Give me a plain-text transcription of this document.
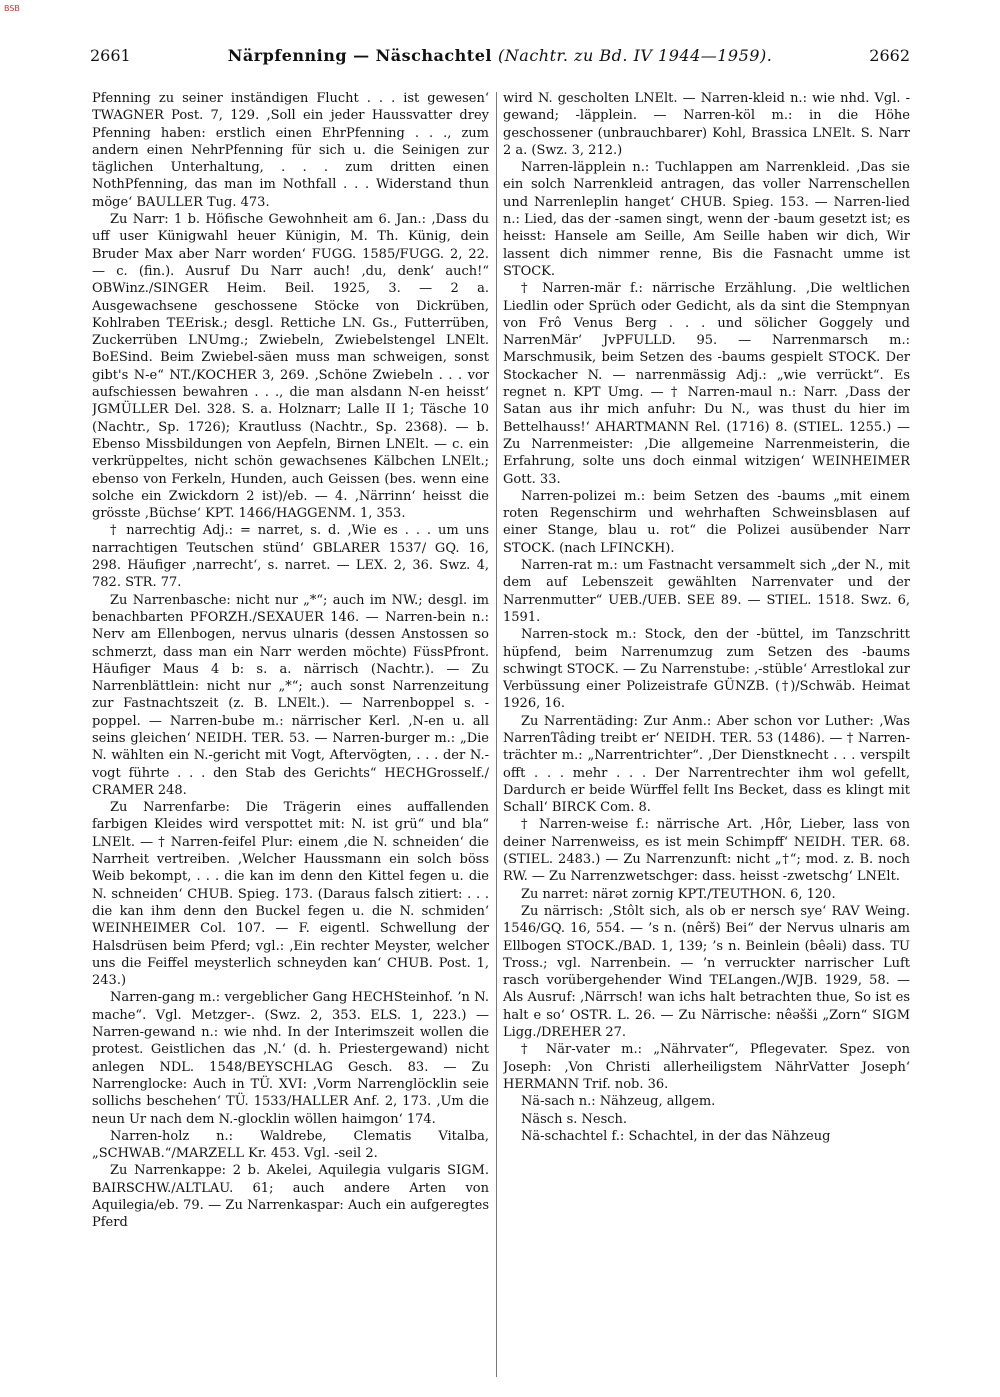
BSB
2661	Närpfenning — Näschachtel (Nachtr. zu Bd. IV 1944—1959).	2662

Pfenning zu seiner inständigen Flucht . . . ist gewesen‘ TWAGNER Post. 7, 129. ‚Soll ein jeder Haussvatter drey Pfenning haben: erstlich einen EhrPfenning . . ., zum andern einen NehrPfenning für sich u. die Seinigen zur täglichen Unterhaltung, . . . zum dritten einen NothPfenning, das man im Nothfall . . . Widerstand thun möge‘ BAULLER Tug. 473.

Zu Narr: 1 b. Höfische Gewohnheit am 6. Jan.: ‚Dass du uff user Künigwahl heuer Künigin, M. Th. Künig, dein Bruder Max aber Narr worden‘ FUGG. 1585/FUGG. 2, 22. — c. (fin.). Ausruf Du Narr auch! ‚du, denk‘ auch!“ OBWinz./SINGER Heim. Beil. 1925, 3. — 2 a. Ausgewachsene geschossene Stöcke von Dickrüben, Kohlraben TEErisk.; desgl. Rettiche LN. Gs., Futterrüben, Zuckerrüben LNUmg.; Zwiebeln, Zwiebelstengel LNElt. BoESind. Beim Zwiebel-säen muss man schweigen, sonst gibt's N-e“ NT./KOCHER 3, 269. ‚Schöne Zwiebeln . . . vor aufschiessen bewahren . . ., die man alsdann N-en heisst‘ JGMÜLLER Del. 328. S. a. Holznarr; Lalle II 1; Täsche 10 (Nachtr., Sp. 1726); Krautluss (Nachtr., Sp. 2368). — b. Ebenso Missbildungen von Aepfeln, Birnen LNElt. — c. ein verkrüppeltes, nicht schön gewachsenes Kälbchen LNElt.; ebenso von Ferkeln, Hunden, auch Geissen (bes. wenn eine solche ein Zwickdorn 2 ist)/eb. — 4. ‚Närrinn‘ heisst die grösste ‚Büchse‘ KPT. 1466/HAGGENM. 1, 353.

† narrechtig Adj.: = narret, s. d. ‚Wie es . . . um uns narrachtigen Teutschen stünd‘ GBLARER 1537/ GQ. 16, 298. Häufiger ‚narrecht‘, s. narret. — LEX. 2, 36. Swz. 4, 782. STR. 77.

Zu Narrenbasche: nicht nur „*“; auch im NW.; desgl. im benachbarten PFORZH./SEXAUER 146. — Narren-bein n.: Nerv am Ellenbogen, nervus ulnaris (dessen Anstossen so schmerzt, dass man ein Narr werden möchte) FüssPfront. Häufiger Maus 4 b: s. a. närrisch (Nachtr.). — Zu Narrenblättlein: nicht nur „*“; auch sonst Narrenzeitung zur Fastnachtszeit (z. B. LNElt.). — Narrenboppel s. -poppel. — Narren-bube m.: närrischer Kerl. ‚N-en u. all seins gleichen‘ NEIDH. TER. 53. — Narren-burger m.: „Die N. wählten ein N.-gericht mit Vogt, Aftervögten, . . . der N.-vogt führte . . . den Stab des Gerichts“ HECHGrosself./ CRAMER 248.

Zu Narrenfarbe: Die Trägerin eines auffallenden farbigen Kleides wird verspottet mit: N. ist grü“ und bla“ LNElt. — † Narren-feifel Plur: einem ‚die N. schneiden‘ die Narrheit vertreiben. ‚Welcher Haussmann ein solch böss Weib bekompt, . . . die kan im denn den Kittel fegen u. die N. schneiden‘ CHUB. Spieg. 173. (Daraus falsch zitiert: . . . die kan ihm denn den Buckel fegen u. die N. schmiden‘ WEINHEIMER Col. 107. — F. eigentl. Schwellung der Halsdrüsen beim Pferd; vgl.: ‚Ein rechter Meyster, welcher uns die Feiffel meysterlich schneyden kan‘ CHUB. Post. 1, 243.)

Narren-gang m.: vergeblicher Gang HECHSteinhof. ’n N. mache“. Vgl. Metzger-. (Swz. 2, 353. ELS. 1, 223.) — Narren-gewand n.: wie nhd. In der Interimszeit wollen die protest. Geistlichen das ‚N.‘ (d. h. Priestergewand) nicht anlegen NDL. 1548/BEYSCHLAG Gesch. 83. — Zu Narrenglocke: Auch in TÜ. XVI: ‚Vorm Narrenglöcklin seie sollichs beschehen‘ TÜ. 1533/HALLER Anf. 2, 173. ‚Um die neun Ur nach dem N.-glocklin wöllen haimgon‘ 174.

Narren-holz n.: Waldrebe, Clematis Vitalba, „SCHWAB.“/MARZELL Kr. 453. Vgl. -seil 2.

Zu Narrenkappe: 2 b. Akelei, Aquilegia vulgaris SIGM. BAIRSCHW./ALTLAU. 61; auch andere Arten von Aquilegia/eb. 79. — Zu Narrenkaspar: Auch ein aufgeregtes Pferd

wird N. gescholten LNElt. — Narren-kleid n.: wie nhd. Vgl. -gewand; -läpplein. — Narren-köl m.: in die Höhe geschossener (unbrauchbarer) Kohl, Brassica LNElt. S. Narr 2 a. (Swz. 3, 212.)

Narren-läpplein n.: Tuchlappen am Narrenkleid. ‚Das sie ein solch Narrenkleid antragen, das voller Narrenschellen und Narrenleplin hanget‘ CHUB. Spieg. 153. — Narren-lied n.: Lied, das der -samen singt, wenn der -baum gesetzt ist; es heisst: Hansele am Seille, Am Seille haben wir dich, Wir lassent dich nimmer renne, Bis die Fasnacht umme ist STOCK.

† Narren-mär f.: närrische Erzählung. ‚Die weltlichen Liedlin oder Sprüch oder Gedicht, als da sint die Stempnyan von Frô Venus Berg . . . und sölicher Goggely und NarrenMär‘ JvPFULLD. 95. — Narrenmarsch m.: Marschmusik, beim Setzen des -baums gespielt STOCK. Der Stockacher N. — narrenmässig Adj.: „wie verrückt“. Es regnet n. KPT Umg. — † Narren-maul n.: Narr. ‚Dass der Satan aus ihr mich anfuhr: Du N., was thust du hier im Bettelhauss!‘ AHARTMANN Rel. (1716) 8. (STIEL. 1255.) — Zu Narrenmeister: ‚Die allgemeine Narrenmeisterin, die Erfahrung, solte uns doch einmal witzigen‘ WEINHEIMER Gott. 33.

Narren-polizei m.: beim Setzen des -baums „mit einem roten Regenschirm und wehrhaften Schweinsblasen auf einer Stange, blau u. rot“ die Polizei ausübender Narr STOCK. (nach LFINCKH).

Narren-rat m.: um Fastnacht versammelt sich „der N., mit dem auf Lebenszeit gewählten Narrenvater und der Narrenmutter“ UEB./UEB. SEE 89. — STIEL. 1518. Swz. 6, 1591.

Narren-stock m.: Stock, den der -büttel, im Tanzschritt hüpfend, beim Narrenumzug zum Setzen des -baums schwingt STOCK. — Zu Narrenstube: ‚-stüble‘ Arrestlokal zur Verbüssung einer Polizeistrafe GÜNZB. (†)/Schwäb. Heimat 1926, 16.

Zu Narrentäding: Zur Anm.: Aber schon vor Luther: ‚Was NarrenTâding treibt er‘ NEIDH. TER. 53 (1486). — † Narren-trächter m.: „Narrentrichter“. ‚Der Dienstknecht . . . verspilt offt . . . mehr . . . Der Narrentrechter ihm wol gefellt, Dardurch er beide Würffel fellt Ins Becket, dass es klingt mit Schall‘ BIRCK Com. 8.

† Narren-weise f.: närrische Art. ‚Hôr, Lieber, lass von deiner Narrenweiss, es ist mein Schimpff‘ NEIDH. TER. 68. (STIEL. 2483.) — Zu Narrenzunft: nicht „†“; mod. z. B. noch RW. — Zu Narrenzwetschger: dass. heisst -zwetschg‘ LNElt.

Zu narret: närət zornig KPT./TEUTHON. 6, 120.

Zu närrisch: ‚Stôlt sich, als ob er nersch sye‘ RAV Weing. 1546/GQ. 16, 554. — ’s n. (nêrš) Bei“ der Nervus ulnaris am Ellbogen STOCK./BAD. 1, 139; ’s n. Beinlein (bêəli) dass. TU Tross.; vgl. Narrenbein. — ’n verruckter narrischer Luft rasch vorübergehender Wind TELangen./WJB. 1929, 58. — Als Ausruf: ‚Närrsch! wan ichs halt betrachten thue, So ist es halt e so‘ OSTR. L. 26. — Zu Närrische: nêəšši „Zorn“ SIGM Ligg./DREHER 27.

† När-vater m.: „Nährvater“, Pflegevater. Spez. von Joseph: ‚Von Christi allerheiligstem NährVatter Joseph‘ HERMANN Trif. nob. 36.

Nä-sach n.: Nähzeug, allgem.

Näsch s. Nesch.

Nä-schachtel f.: Schachtel, in der das Nähzeug
